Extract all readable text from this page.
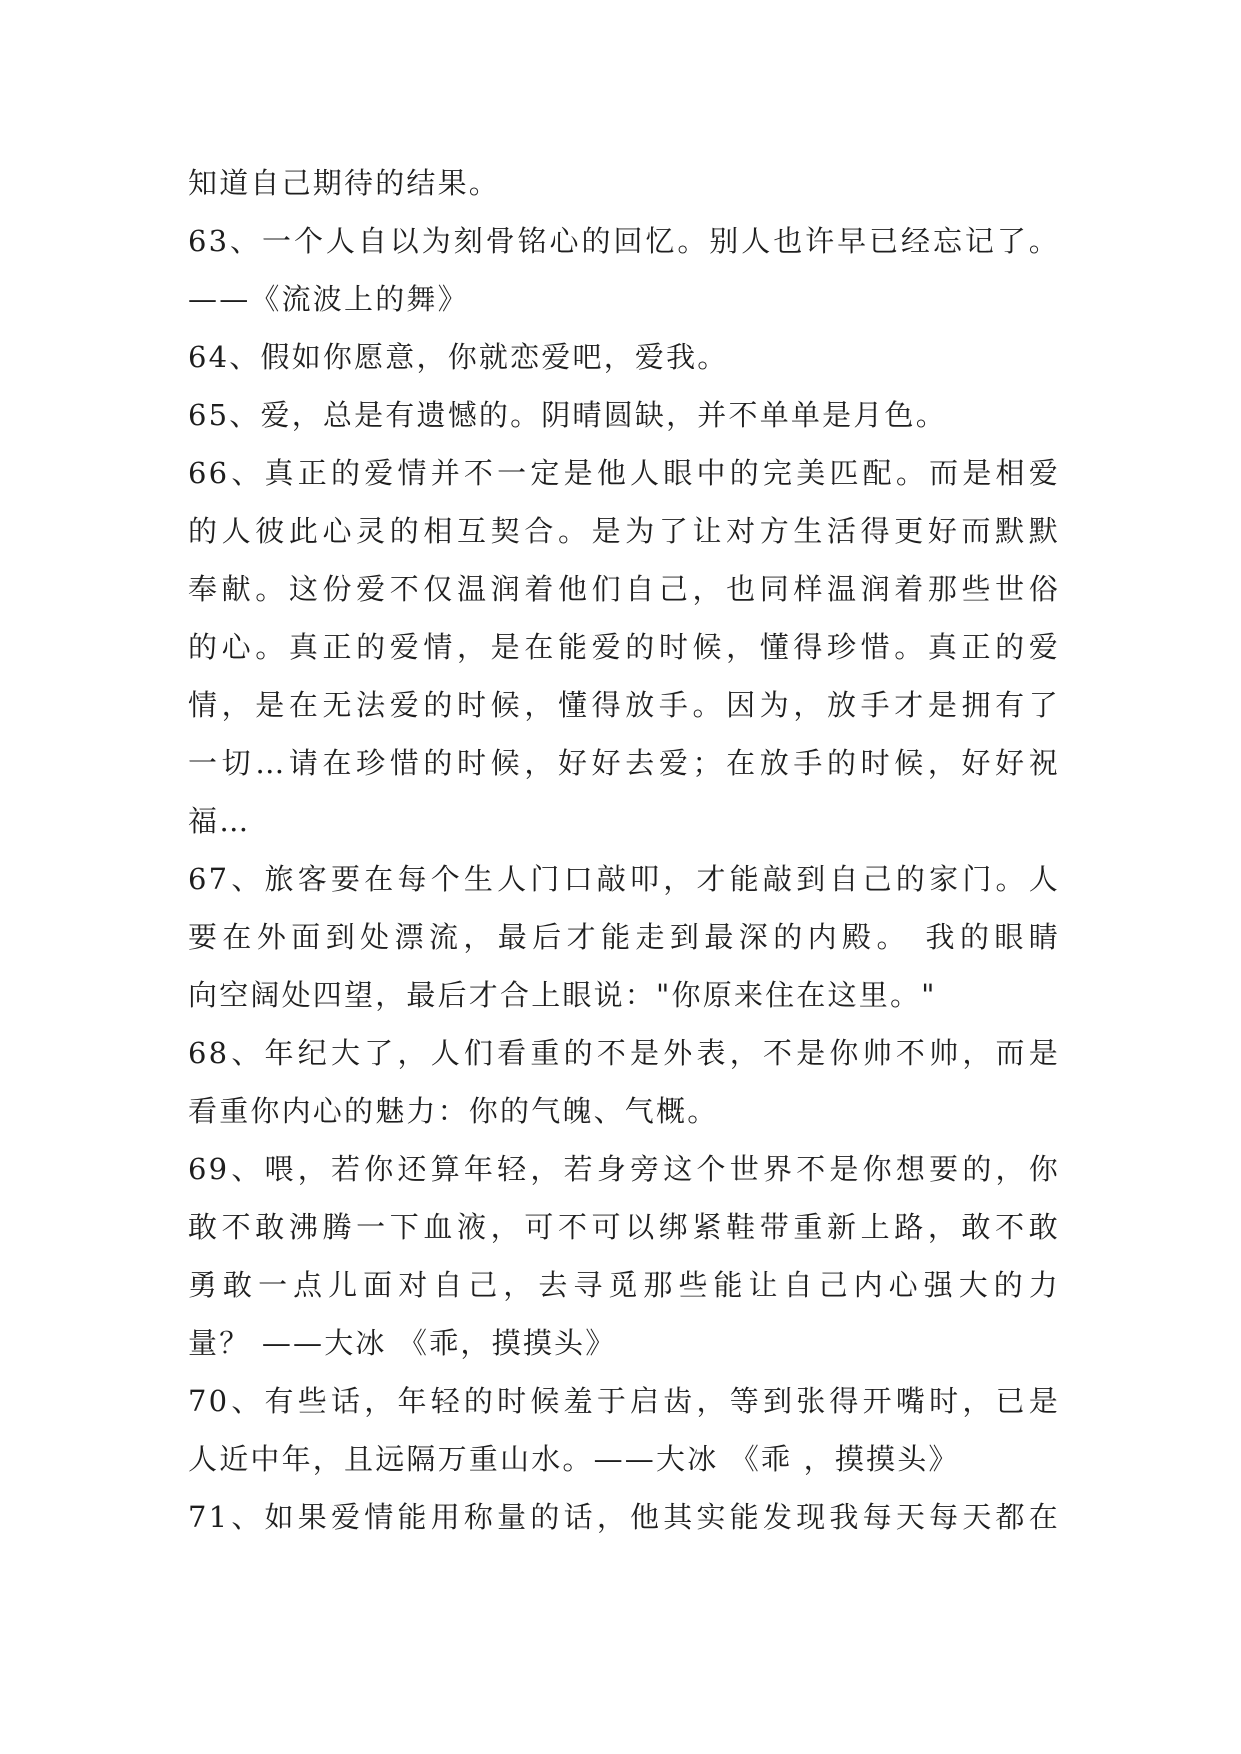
知道自己期待的结果。
63、一个人自以为刻骨铭心的回忆。别人也许早已经忘记了。
——《流波上的舞》
64、假如你愿意，你就恋爱吧，爱我。
65、爱，总是有遗憾的。阴晴圆缺，并不单单是月色。
66、真正的爱情并不一定是他人眼中的完美匹配。而是相爱
的人彼此心灵的相互契合。是为了让对方生活得更好而默默
奉献。这份爱不仅温润着他们自己，也同样温润着那些世俗
的心。真正的爱情，是在能爱的时候，懂得珍惜。真正的爱
情，是在无法爱的时候，懂得放手。因为，放手才是拥有了
一切…请在珍惜的时候，好好去爱；在放手的时候，好好祝
福…
67、旅客要在每个生人门口敲叩，才能敲到自己的家门。人
要在外面到处漂流，最后才能走到最深的内殿。 我的眼睛
向空阔处四望，最后才合上眼说："你原来住在这里。"
68、年纪大了，人们看重的不是外表，不是你帅不帅，而是
看重你内心的魅力：你的气魄、气概。
69、喂，若你还算年轻，若身旁这个世界不是你想要的，你
敢不敢沸腾一下血液，可不可以绑紧鞋带重新上路，敢不敢
勇敢一点儿面对自己，去寻觅那些能让自己内心强大的力
量？ ——大冰 《乖，摸摸头》
70、有些话，年轻的时候羞于启齿，等到张得开嘴时，已是
人近中年，且远隔万重山水。——大冰 《乖 ，摸摸头》
71、如果爱情能用称量的话，他其实能发现我每天每天都在
